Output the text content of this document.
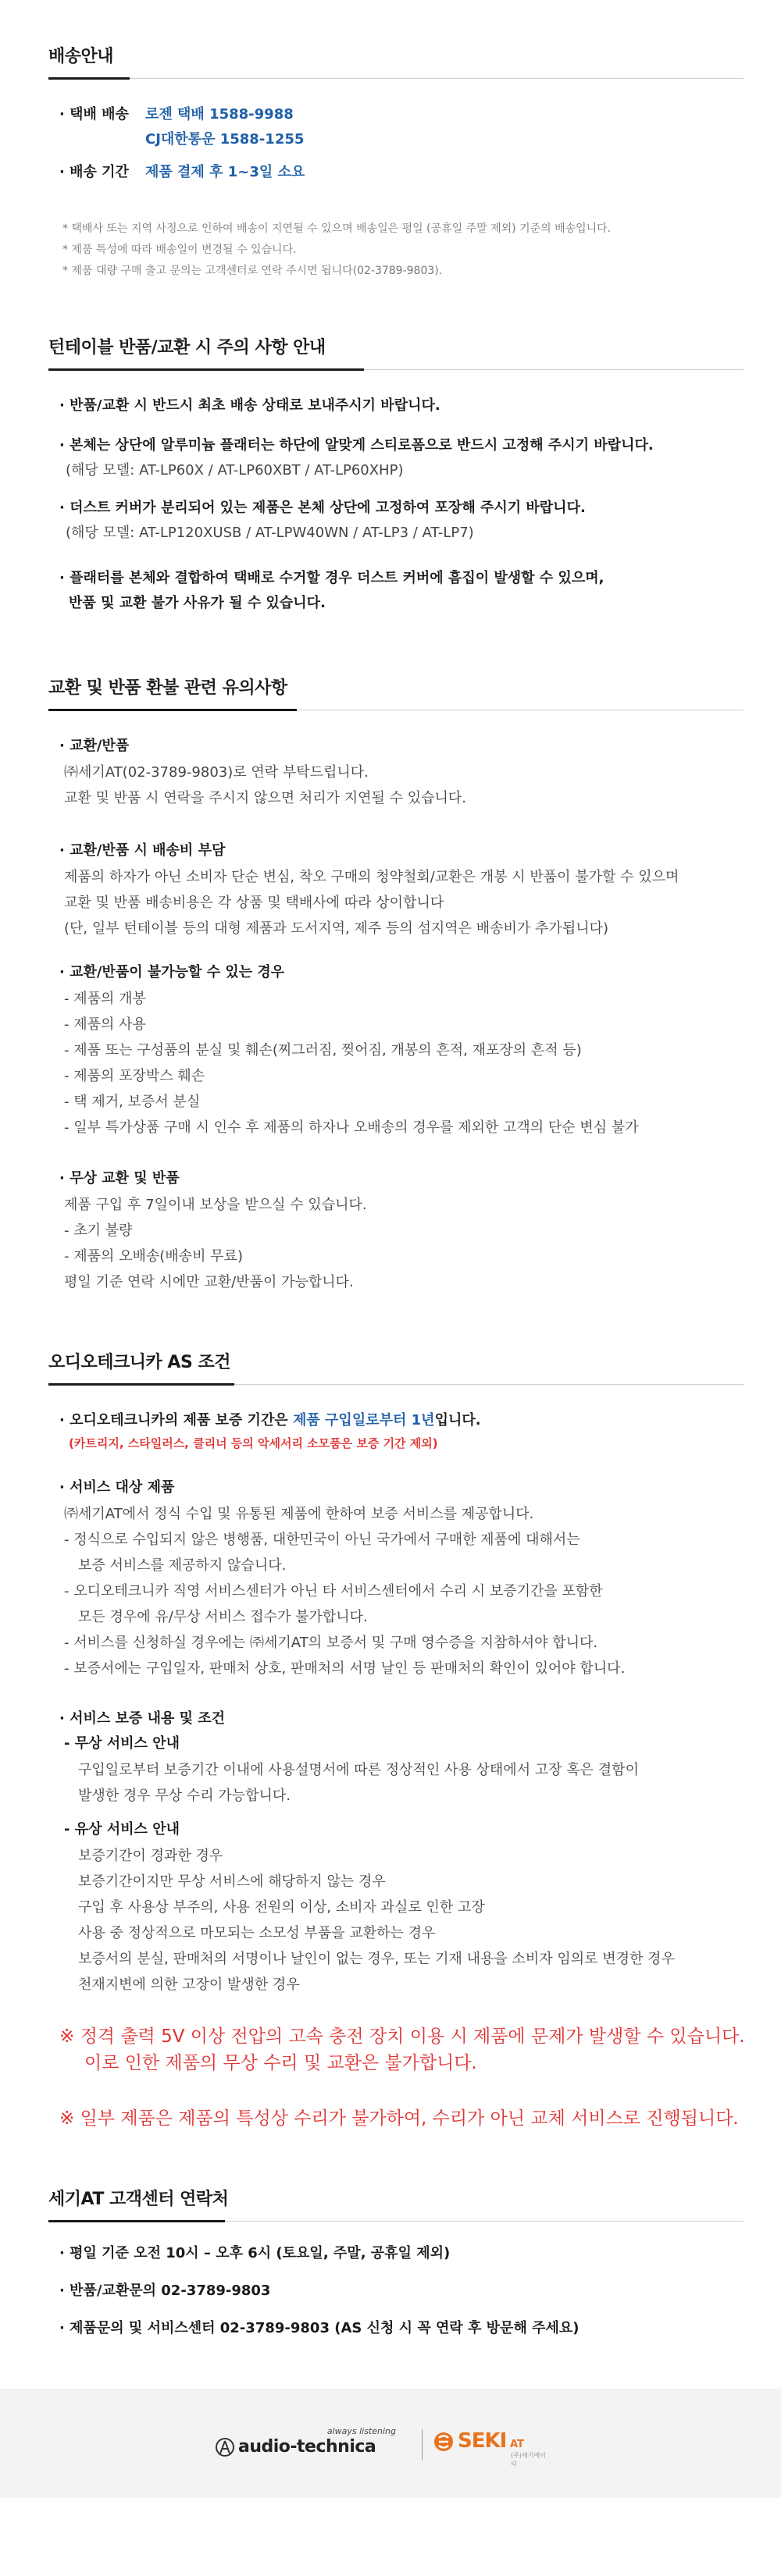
배송안내
· 택배 배송 로젠 택배 1588-9988
CJ대한통운 1588-1255
· 배송 기간 제품 결제 후 1~3일 소요
* 택배사 또는 지역 사정으로 인하여 배송이 지연될 수 있으며 배송일은 평일 (공휴일 주말 제외) 기준의 배송입니다.
* 제품 특성에 따라 배송일이 변경될 수 있습니다.
* 제품 대량 구매 출고 문의는 고객센터로 연락 주시면 됩니다(02-3789-9803).
턴테이블 반품/교환 시 주의 사항 안내
· 반품/교환 시 반드시 최초 배송 상태로 보내주시기 바랍니다.
· 본체는 상단에 알루미늄 플래터는 하단에 알맞게 스티로폼으로 반드시 고정해 주시기 바랍니다.
(해당 모델: AT-LP60X / AT-LP60XBT / AT-LP60XHP)
· 더스트 커버가 분리되어 있는 제품은 본체 상단에 고정하여 포장해 주시기 바랍니다.
(해당 모델: AT-LP120XUSB / AT-LPW40WN / AT-LP3 / AT-LP7)
· 플래터를 본체와 결합하여 택배로 수거할 경우 더스트 커버에 흠집이 발생할 수 있으며,
반품 및 교환 불가 사유가 될 수 있습니다.
교환 및 반품 환불 관련 유의사항
· 교환/반품
㈜세기AT(02-3789-9803)로 연락 부탁드립니다.
교환 및 반품 시 연락을 주시지 않으면 처리가 지연될 수 있습니다.
· 교환/반품 시 배송비 부담
제품의 하자가 아닌 소비자 단순 변심, 착오 구매의 청약철회/교환은 개봉 시 반품이 불가할 수 있으며
교환 및 반품 배송비용은 각 상품 및 택배사에 따라 상이합니다
(단, 일부 턴테이블 등의 대형 제품과 도서지역, 제주 등의 섬지역은 배송비가 추가됩니다)
· 교환/반품이 불가능할 수 있는 경우
- 제품의 개봉
- 제품의 사용
- 제품 또는 구성품의 분실 및 훼손(찌그러짐, 찢어짐, 개봉의 흔적, 재포장의 흔적 등)
- 제품의 포장박스 훼손
- 택 제거, 보증서 분실
- 일부 특가상품 구매 시 인수 후 제품의 하자나 오배송의 경우를 제외한 고객의 단순 변심 불가
· 무상 교환 및 반품
제품 구입 후 7일이내 보상을 받으실 수 있습니다.
- 초기 불량
- 제품의 오배송(배송비 무료)
평일 기준 연락 시에만 교환/반품이 가능합니다.
오디오테크니카 AS 조건
· 오디오테크니카의 제품 보증 기간은 제품 구입일로부터 1년입니다.
(카트리지, 스타일러스, 클리너 등의 악세서리 소모품은 보증 기간 제외)
· 서비스 대상 제품
㈜세기AT에서 정식 수입 및 유통된 제품에 한하여 보증 서비스를 제공합니다.
- 정식으로 수입되지 않은 병행품, 대한민국이 아닌 국가에서 구매한 제품에 대해서는
보증 서비스를 제공하지 않습니다.
- 오디오테크니카 직영 서비스센터가 아닌 타 서비스센터에서 수리 시 보증기간을 포함한
모든 경우에 유/무상 서비스 접수가 불가합니다.
- 서비스를 신청하실 경우에는 ㈜세기AT의 보증서 및 구매 영수증을 지참하셔야 합니다.
- 보증서에는 구입일자, 판매처 상호, 판매처의 서명 날인 등 판매처의 확인이 있어야 합니다.
· 서비스 보증 내용 및 조건
- 무상 서비스 안내
구입일로부터 보증기간 이내에 사용설명서에 따른 정상적인 사용 상태에서 고장 혹은 결함이
발생한 경우 무상 수리 가능합니다.
- 유상 서비스 안내
보증기간이 경과한 경우
보증기간이지만 무상 서비스에 해당하지 않는 경우
구입 후 사용상 부주의, 사용 전원의 이상, 소비자 과실로 인한 고장
사용 중 정상적으로 마모되는 소모성 부품을 교환하는 경우
보증서의 분실, 판매처의 서명이나 날인이 없는 경우, 또는 기재 내용을 소비자 임의로 변경한 경우
천재지변에 의한 고장이 발생한 경우
※ 정격 출력 5V 이상 전압의 고속 충전 장치 이용 시 제품에 문제가 발생할 수 있습니다.
이로 인한 제품의 무상 수리 및 교환은 불가합니다.
※ 일부 제품은 제품의 특성상 수리가 불가하여, 수리가 아닌 교체 서비스로 진행됩니다.
세기AT 고객센터 연락처
· 평일 기준 오전 10시 – 오후 6시 (토요일, 주말, 공휴일 제외)
· 반품/교환문의 02-3789-9803
· 제품문의 및 서비스센터 02-3789-9803 (AS 신청 시 꼭 연락 후 방문해 주세요)
always listening
audio-technica	SEKI AT
(주)세기에이티
